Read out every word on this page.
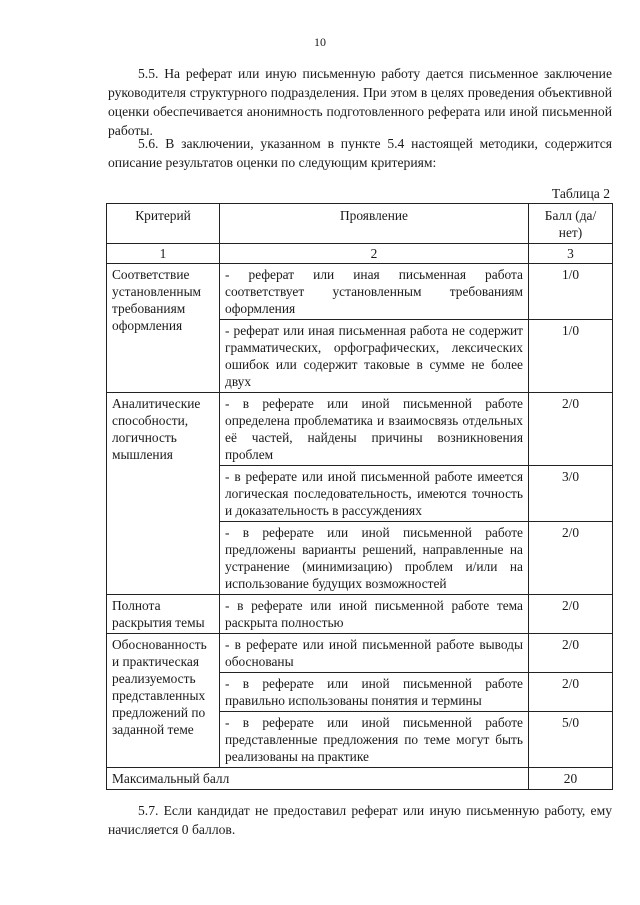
10

5.5. На реферат или иную письменную работу дается письменное заключение руководителя структурного подразделения. При этом в целях проведения объективной оценки обеспечивается анонимность подготовленного реферата или иной письменной работы.

5.6. В заключении, указанном в пункте 5.4 настоящей методики, содержится описание результатов оценки по следующим критериям:

Таблица 2
Критерий	Проявление	Балл (да/нет)
1	2	3
Соответствие установленным требованиям оформления	- реферат или иная письменная работа соответствует установленным требованиям оформления	1/0
	- реферат или иная письменная работа не содержит грамматических, орфографических, лексических ошибок или содержит таковые в сумме не более двух	1/0
Аналитические способности, логичность мышления	- в реферате или иной письменной работе определена проблематика и взаимосвязь отдельных её частей, найдены причины возникновения проблем	2/0
	- в реферате или иной письменной работе имеется логическая последовательность, имеются точность и доказательность в рассуждениях	3/0
	- в реферате или иной письменной работе предложены варианты решений, направленные на устранение (минимизацию) проблем и/или на использование будущих возможностей	2/0
Полнота раскрытия темы	- в реферате или иной письменной работе тема раскрыта полностью	2/0
Обоснованность и практическая реализуемость представленных предложений по заданной теме	- в реферате или иной письменной работе выводы обоснованы	2/0
	- в реферате или иной письменной работе правильно использованы понятия и термины	2/0
	- в реферате или иной письменной работе представленные предложения по теме могут быть реализованы на практике	5/0
Максимальный балл		20

5.7. Если кандидат не предоставил реферат или иную письменную работу, ему начисляется 0 баллов.
